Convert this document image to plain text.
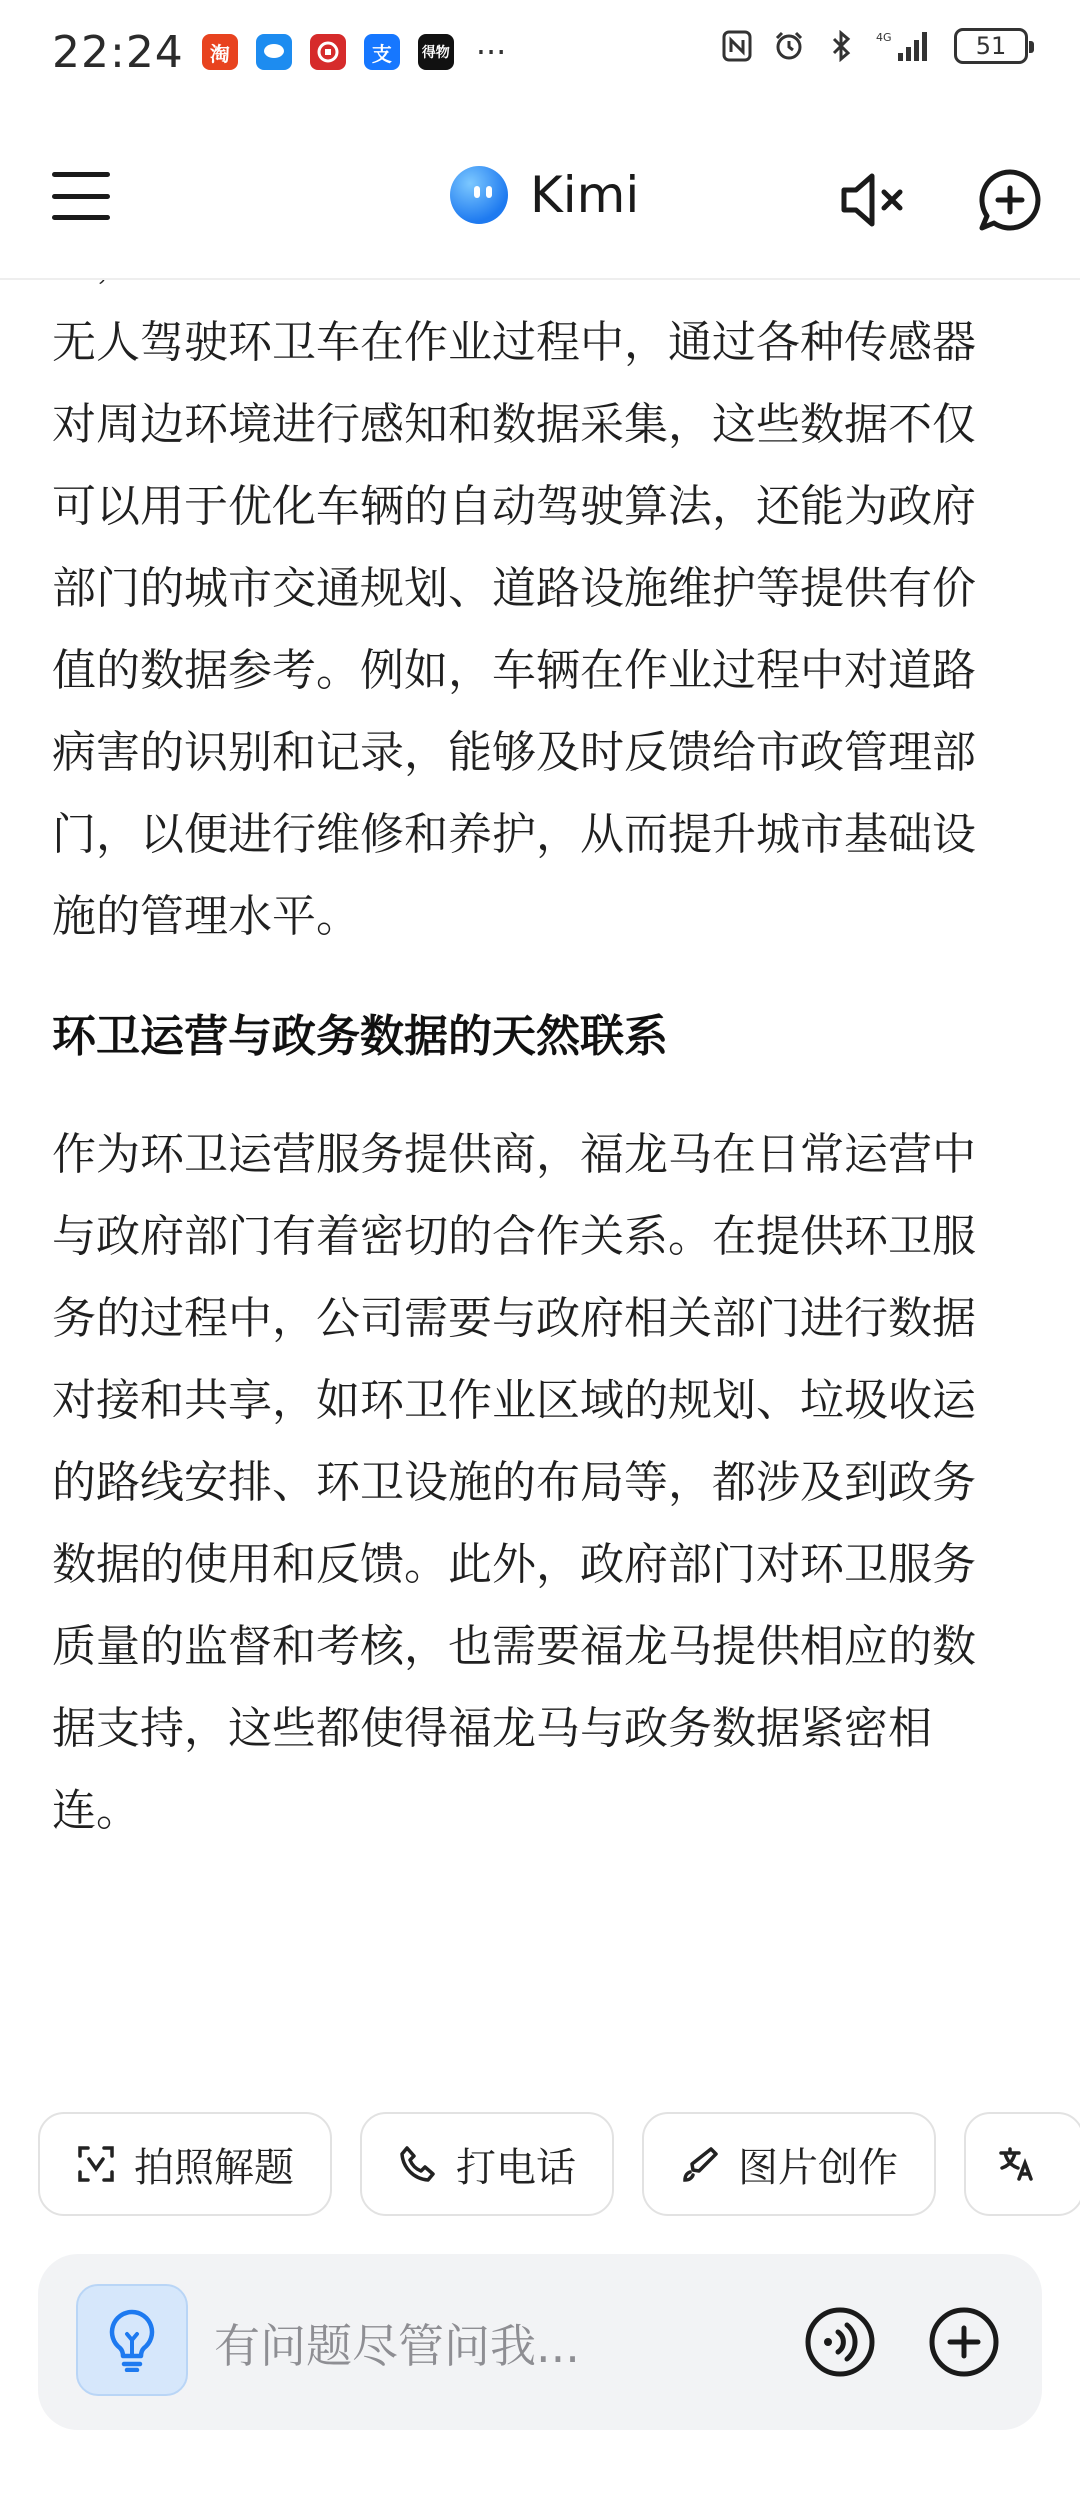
22:24	淘	支	得物 ···	4G	51
Kimi

无人驾驶环卫车在作业过程中，通过各种传感器对周边环境进行感知和数据采集，这些数据不仅可以用于优化车辆的自动驾驶算法，还能为政府部门的城市交通规划、道路设施维护等提供有价值的数据参考。例如，车辆在作业过程中对道路病害的识别和记录，能够及时反馈给市政管理部门，以便进行维修和养护，从而提升城市基础设施的管理水平。

环卫运营与政务数据的天然联系

作为环卫运营服务提供商，福龙马在日常运营中与政府部门有着密切的合作关系。在提供环卫服务的过程中，公司需要与政府相关部门进行数据对接和共享，如环卫作业区域的规划、垃圾收运的路线安排、环卫设施的布局等，都涉及到政务数据的使用和反馈。此外，政府部门对环卫服务质量的监督和考核，也需要福龙马提供相应的数据支持，这些都使得福龙马与政务数据紧密相连。

拍照解题	打电话	图片创作
有问题尽管问我...
